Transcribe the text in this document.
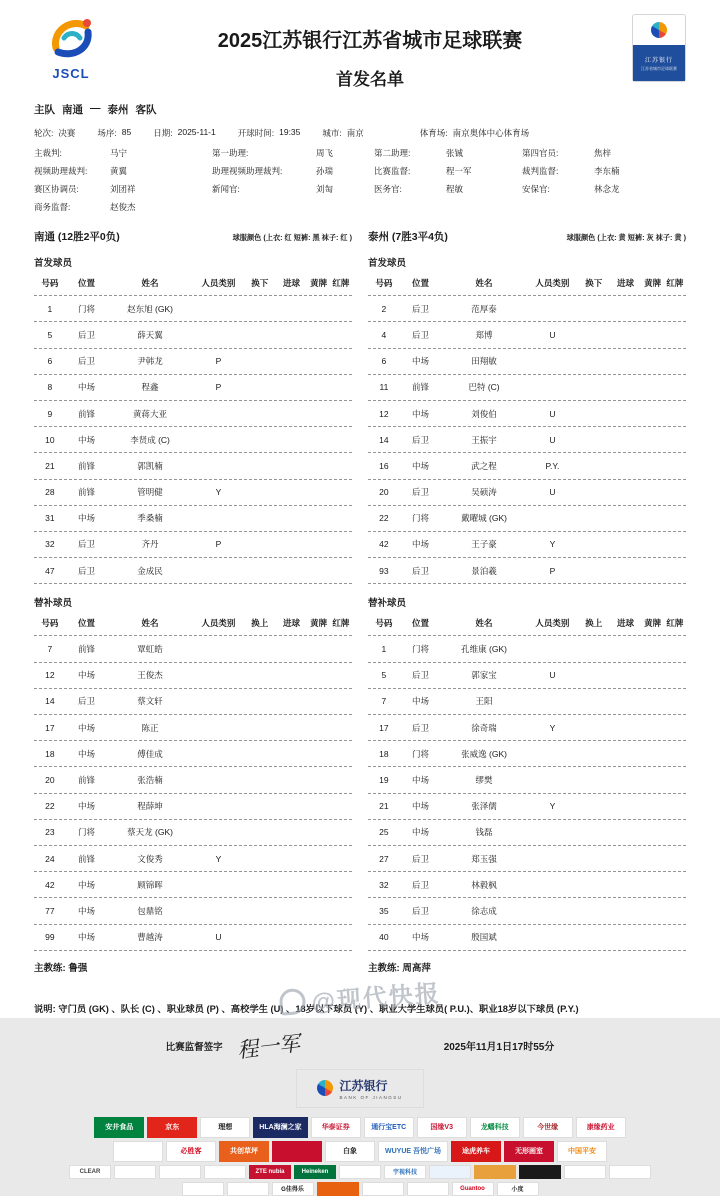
JSCL
2025江苏银行江苏省城市足球联赛
首发名单
江苏银行
江苏省城市足球联赛
主队 南通 — 泰州 客队
轮次: 决赛	场序: 85	日期: 2025-11-1	开球时间: 19:35	城市: 南京	体育场: 南京奥体中心体育场
主裁判:	马宁	第一助理:	周飞	第二助理:	张铖	第四官员:	焦梓
视频助理裁判:	黄翼	助理视频助理裁判:	孙瑞	比赛监督:	程一军	裁判监督:	李东楠
赛区协调员:	刘团祥	新闻官:	刘匋	医务官:	程敏	安保官:	林念龙
商务监督:	赵俊杰
南通 (12胜2平0负)	球服颜色 (上衣: 红 短裤: 黑 袜子: 红 )
首发球员
号码	位置	姓名	人员类别	换下	进球	黄牌 红牌
1	门将	赵东旭 (GK)
5	后卫	薛天翼
6	后卫	尹韩龙	P
8	中场	程鑫	P
9	前锋	黄蒋大亚
10	中场	李贤成 (C)
21	前锋	郭凯楠
28	前锋	管明健	Y
31	中场	季桑楠
32	后卫	齐丹	P
47	后卫	金成民
替补球员
号码	位置	姓名	人员类别	换上	进球	黄牌 红牌
7	前锋	覃虹皓
12	中场	王俊杰
14	后卫	蔡文轩
17	中场	陈正
18	中场	傅佳成
20	前锋	张浩楠
22	中场	程薛坤
23	门将	蔡天龙 (GK)
24	前锋	文俊秀	Y
42	中场	顾锦晖
77	中场	包鼎铭
99	中场	曹越涛	U
主教练: 鲁强
泰州 (7胜3平4负)	球服颜色 (上衣: 黄 短裤: 灰 袜子: 黄 )
首发球员
号码	位置	姓名	人员类别	换下	进球	黄牌 红牌
2	后卫	范厚泰
4	后卫	郑博	U
6	中场	田翔敏
11	前锋	巴特 (C)
12	中场	刘俊伯	U
14	后卫	王振宇	U
16	中场	武之程	P.Y.
20	后卫	吴硕涛	U
22	门将	戴曜城 (GK)
42	中场	王子豪	Y
93	后卫	景泊羲	P
替补球员
号码	位置	姓名	人员类别	换上	进球	黄牌 红牌
1	门将	孔维康 (GK)
5	后卫	郭家宝	U
7	中场	王阳
17	后卫	徐奇瑞	Y
18	门将	张威逸 (GK)
19	中场	缪樊
21	中场	张泽儒	Y
25	中场	钱磊
27	后卫	郑玉强
32	后卫	林毅枫
35	后卫	徐志成
40	中场	殷国斌
主教练: 周高萍
说明: 守门员 (GK) 、队长 (C) 、职业球员 (P) 、高校学生 (U) 、18岁以下球员 (Y) 、职业大学生球员( P.U.)、职业18岁以下球员 (P.Y.)
比赛监督签字 程一军	2025年11月1日17时55分
江苏银行
BANK OF JIANGSU
安井食品	京东	理想	HLA海澜之家	华泰证券	通行宝ETC	国缘V3	龙蟠科技	今世缘	康缘药业
必胜客	共创草坪	白象	WUYUE 吾悦广场	途虎养车	无形画室	中国平安
CLEAR	ZTE nubia	Heineken	宇视科技
G佳得乐	Guantoo	小度
@现代快报
